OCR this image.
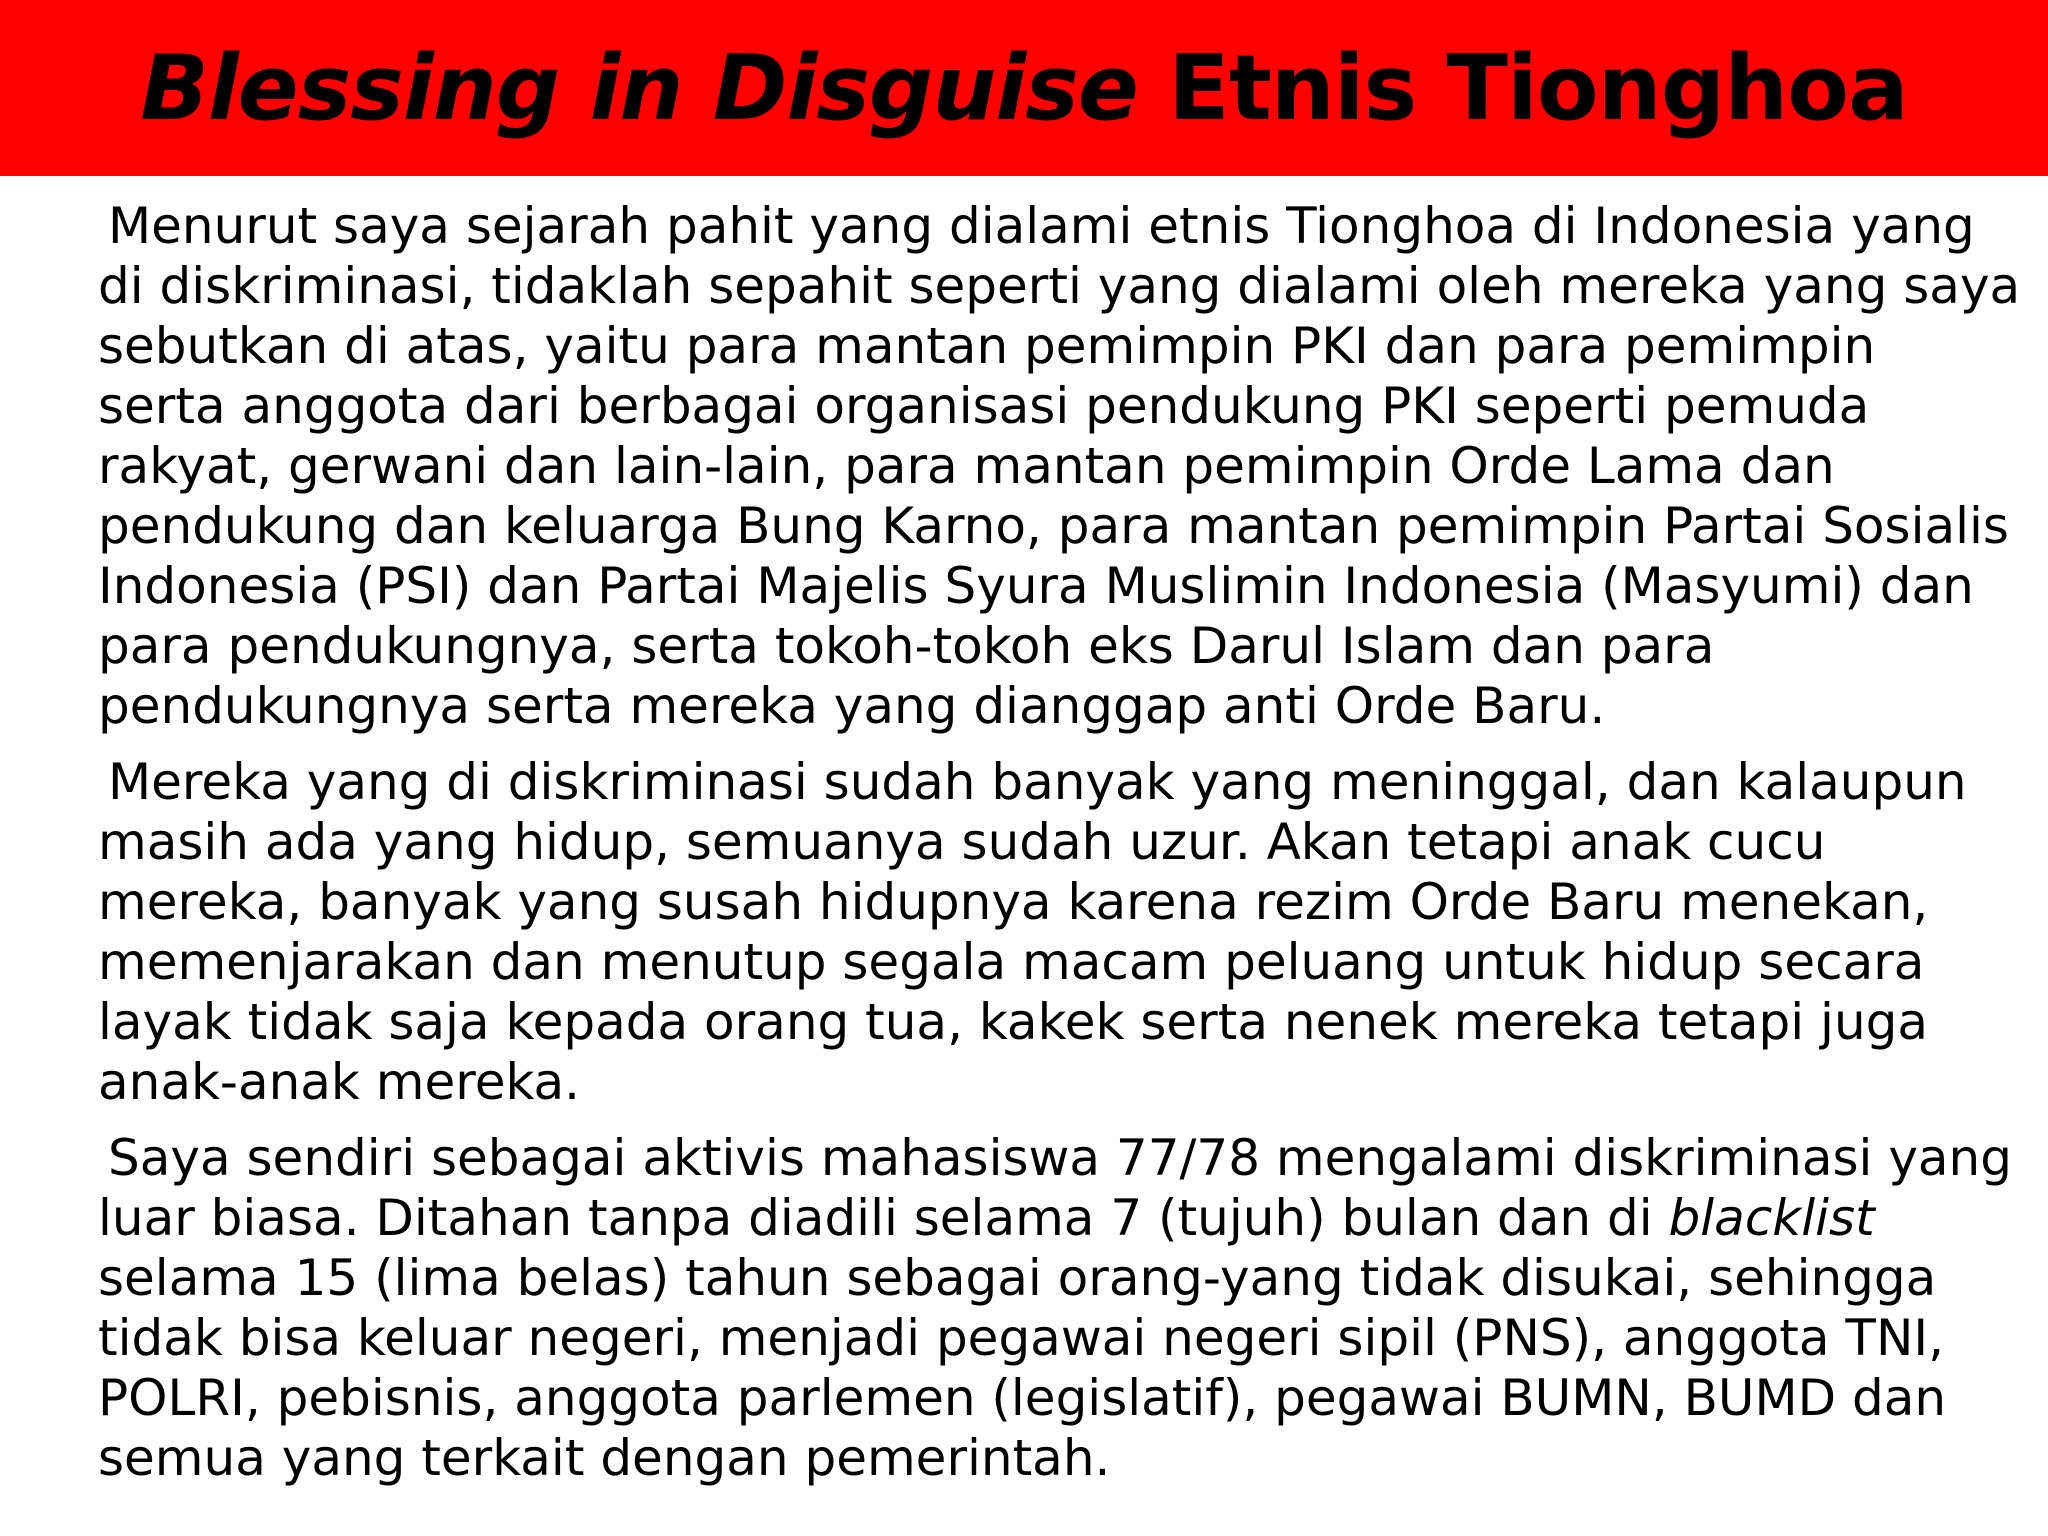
Blessing in Disguise Etnis Tionghoa

Menurut saya sejarah pahit yang dialami etnis Tionghoa di Indonesia yang
di diskriminasi, tidaklah sepahit seperti yang dialami oleh mereka yang saya
sebutkan di atas, yaitu para mantan pemimpin PKI dan para pemimpin
serta anggota dari berbagai organisasi pendukung PKI seperti pemuda
rakyat, gerwani dan lain-lain, para mantan pemimpin Orde Lama dan
pendukung dan keluarga Bung Karno, para mantan pemimpin Partai Sosialis
Indonesia (PSI) dan Partai Majelis Syura Muslimin Indonesia (Masyumi) dan
para pendukungnya, serta tokoh-tokoh eks Darul Islam dan para
pendukungnya serta mereka yang dianggap anti Orde Baru.

Mereka yang di diskriminasi sudah banyak yang meninggal, dan kalaupun
masih ada yang hidup, semuanya sudah uzur. Akan tetapi anak cucu
mereka, banyak yang susah hidupnya karena rezim Orde Baru menekan,
memenjarakan dan menutup segala macam peluang untuk hidup secara
layak tidak saja kepada orang tua, kakek serta nenek mereka tetapi juga
anak-anak mereka.

Saya sendiri sebagai aktivis mahasiswa 77/78 mengalami diskriminasi yang
luar biasa. Ditahan tanpa diadili selama 7 (tujuh) bulan dan di blacklist
selama 15 (lima belas) tahun sebagai orang-yang tidak disukai, sehingga
tidak bisa keluar negeri, menjadi pegawai negeri sipil (PNS), anggota TNI,
POLRI, pebisnis, anggota parlemen (legislatif), pegawai BUMN, BUMD dan
semua yang terkait dengan pemerintah.
